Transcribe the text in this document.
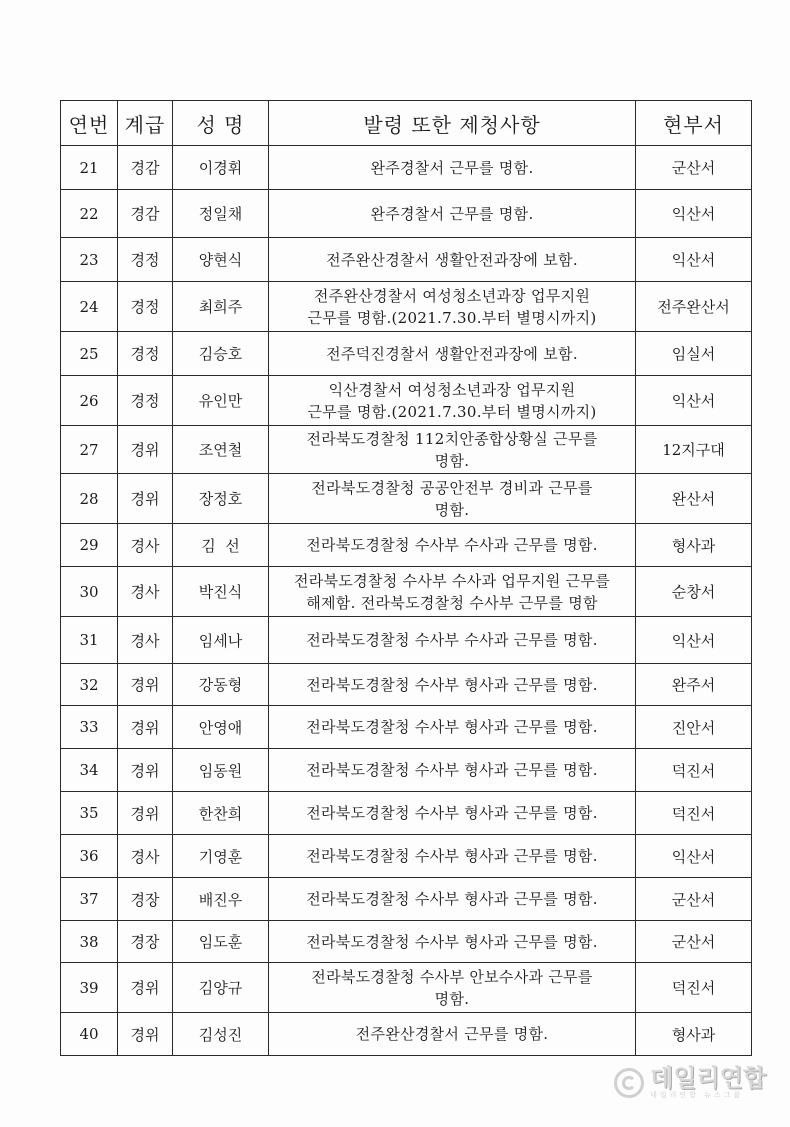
연번	계급	성 명	발령 또한 제청사항	현부서
21	경감	이경휘	완주경찰서 근무를 명함.	군산서
22	경감	정일채	완주경찰서 근무를 명함.	익산서
23	경정	양현식	전주완산경찰서 생활안전과장에 보함.	익산서
24	경정	최희주	전주완산경찰서 여성청소년과장 업무지원
근무를 명함.(2021.7.30.부터 별명시까지)	전주완산서
25	경정	김승호	전주덕진경찰서 생활안전과장에 보함.	임실서
26	경정	유인만	익산경찰서 여성청소년과장 업무지원
근무를 명함.(2021.7.30.부터 별명시까지)	익산서
27	경위	조연철	전라북도경찰청 112치안종합상황실 근무를
명함.	12지구대
28	경위	장정호	전라북도경찰청 공공안전부 경비과 근무를
명함.	완산서
29	경사	김  선	전라북도경찰청 수사부 수사과 근무를 명함.	형사과
30	경사	박진식	전라북도경찰청 수사부 수사과 업무지원 근무를
해제함. 전라북도경찰청 수사부 근무를 명함	순창서
31	경사	임세나	전라북도경찰청 수사부 수사과 근무를 명함.	익산서
32	경위	강동형	전라북도경찰청 수사부 형사과 근무를 명함.	완주서
33	경위	안영애	전라북도경찰청 수사부 형사과 근무를 명함.	진안서
34	경위	임동원	전라북도경찰청 수사부 형사과 근무를 명함.	덕진서
35	경위	한찬희	전라북도경찰청 수사부 형사과 근무를 명함.	덕진서
36	경사	기영훈	전라북도경찰청 수사부 형사과 근무를 명함.	익산서
37	경장	배진우	전라북도경찰청 수사부 형사과 근무를 명함.	군산서
38	경장	임도훈	전라북도경찰청 수사부 형사과 근무를 명함.	군산서
39	경위	김양규	전라북도경찰청 수사부 안보수사과 근무를
명함.	덕진서
40	경위	김성진	전주완산경찰서 근무를 명함.	형사과
데일리연합
데일리연합 뉴스그룹
